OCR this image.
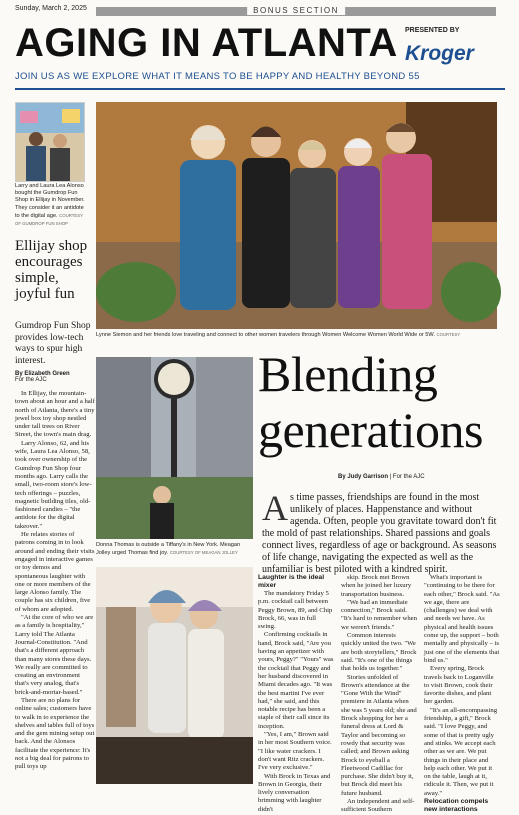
Sunday, March 2, 2025	BONUS SECTION
AGING IN ATLANTA
JOIN US AS WE EXPLORE WHAT IT MEANS TO BE HAPPY AND HEALTHY BEYOND 55
PRESENTED BY
Kroger
Larry and Laura Lea Alonso bought the Gumdrop Fun Shop in Ellijay in November. They consider it an antidote to the digital age. COURTESY OF GUMDROP FUN SHOP
Ellijay shop encourages simple, joyful fun
Gumdrop Fun Shop provides low-tech ways to spur high interest.
By Elizabeth Green
For the AJC

In Ellijay, the mountain-town about an hour and a half north of Atlanta, there's a tiny jewel box toy shop nestled under tall trees on River Street, the town's main drag.

Larry Alonso, 62, and his wife, Laura Lea Alonso, 58, took over ownership of the Gumdrop Fun Shop four months ago. Larry calls the small, two-room store's low-tech offerings – puzzles, magnetic building tiles, old-fashioned candies – "the antidote for the digital takeover."

He relates stories of patrons coming in to look around and ending their visits engaged in interactive games or toy demos and spontaneous laughter with one or more members of the large Alonso family. The couple has six children, five of whom are adopted.

"At the core of who we are as a family is hospitality," Larry told The Atlanta Journal-Constitution. "And that's a different approach than many stores these days. We really are committed to creating an environment that's very analog, that's brick-and-mortar-based."

There are no plans for online sales; customers have to walk in to experience the shelves and tables full of toys and the gem mining setup out back. And the Alonsos facilitate the experience: It's not a big deal for patrons to pull toys up

Lynne Siemon and her friends love traveling and connect to other women travelers through Women Welcome Women World Wide or 5W. COURTESY
Donna Thomas is outside a Tiffany's in New York. Meagan Jolley urged Thomas find joy. COURTESY OF MEAGAN JOLLEY
Blending
generations
By Judy Garrison | For the AJC
As time passes, friendships are found in the most unlikely of places. Happenstance and without agenda. Often, people you gravitate toward don't fit the mold of past relationships. Shared passions and goals connect lives, regardless of age or background. As seasons of life change, navigating the expected as well as the unfamiliar is best piloted with a kindred spirit.
Laughter is the ideal mixer

The mandatory Friday 5 p.m. cocktail call between Peggy Brown, 89, and Chip Brock, 66, was in full swing.

Confirming cocktails in hand, Brock said, "Are you having an appetizer with yours, Peggy?" "Yours" was the cocktail that Peggy and her husband discovered in Miami decades ago. "It was the best martini I've ever had," she said, and this notable recipe has been a staple of their call since its inception.

"Yes, I am," Brown said in her most Southern voice. "I like water crackers. I don't want Ritz crackers. I've very exclusive."

With Brock in Texas and Brown in Georgia, their lively conversation brimming with laughter didn't

skip. Brock met Brown when he joined her luxury transportation business.

"We had an immediate connection," Brock said. "It's hard to remember when we weren't friends."

Common interests quickly united the two. "We are both storytellers," Brock said. "It's one of the things that holds us together."

Stories unfolded of Brown's attendance at the "Gone With the Wind" premiere in Atlanta when she was 5 years old; she and Brock shopping for her a funeral dress at Lord & Taylor and becoming so rowdy that security was called; and Brown asking Brock to eyeball a Fleetwood Cadillac for purchase. She didn't buy it, but Brock did meet his future husband.

An independent and self-sufficient Southern

What's important is "continuing to be there for each other," Brock said. "As we age, there are (challenges) we deal with and needs we have. As physical and health issues come up, the support – both mentally and physically – is just one of the elements that bind us."

Every spring, Brock travels back to Loganville to visit Brown, cook their favorite dishes, and plant her garden.

"It's an all-encompassing friendship, a gift," Brock said. "I love Peggy, and some of that is pretty ugly and stinks. We accept each other as we are. We put things in their place and help each other. We put it on the table, laugh at it, ridicule it. Then, we put it away."

Relocation compels new interactions
